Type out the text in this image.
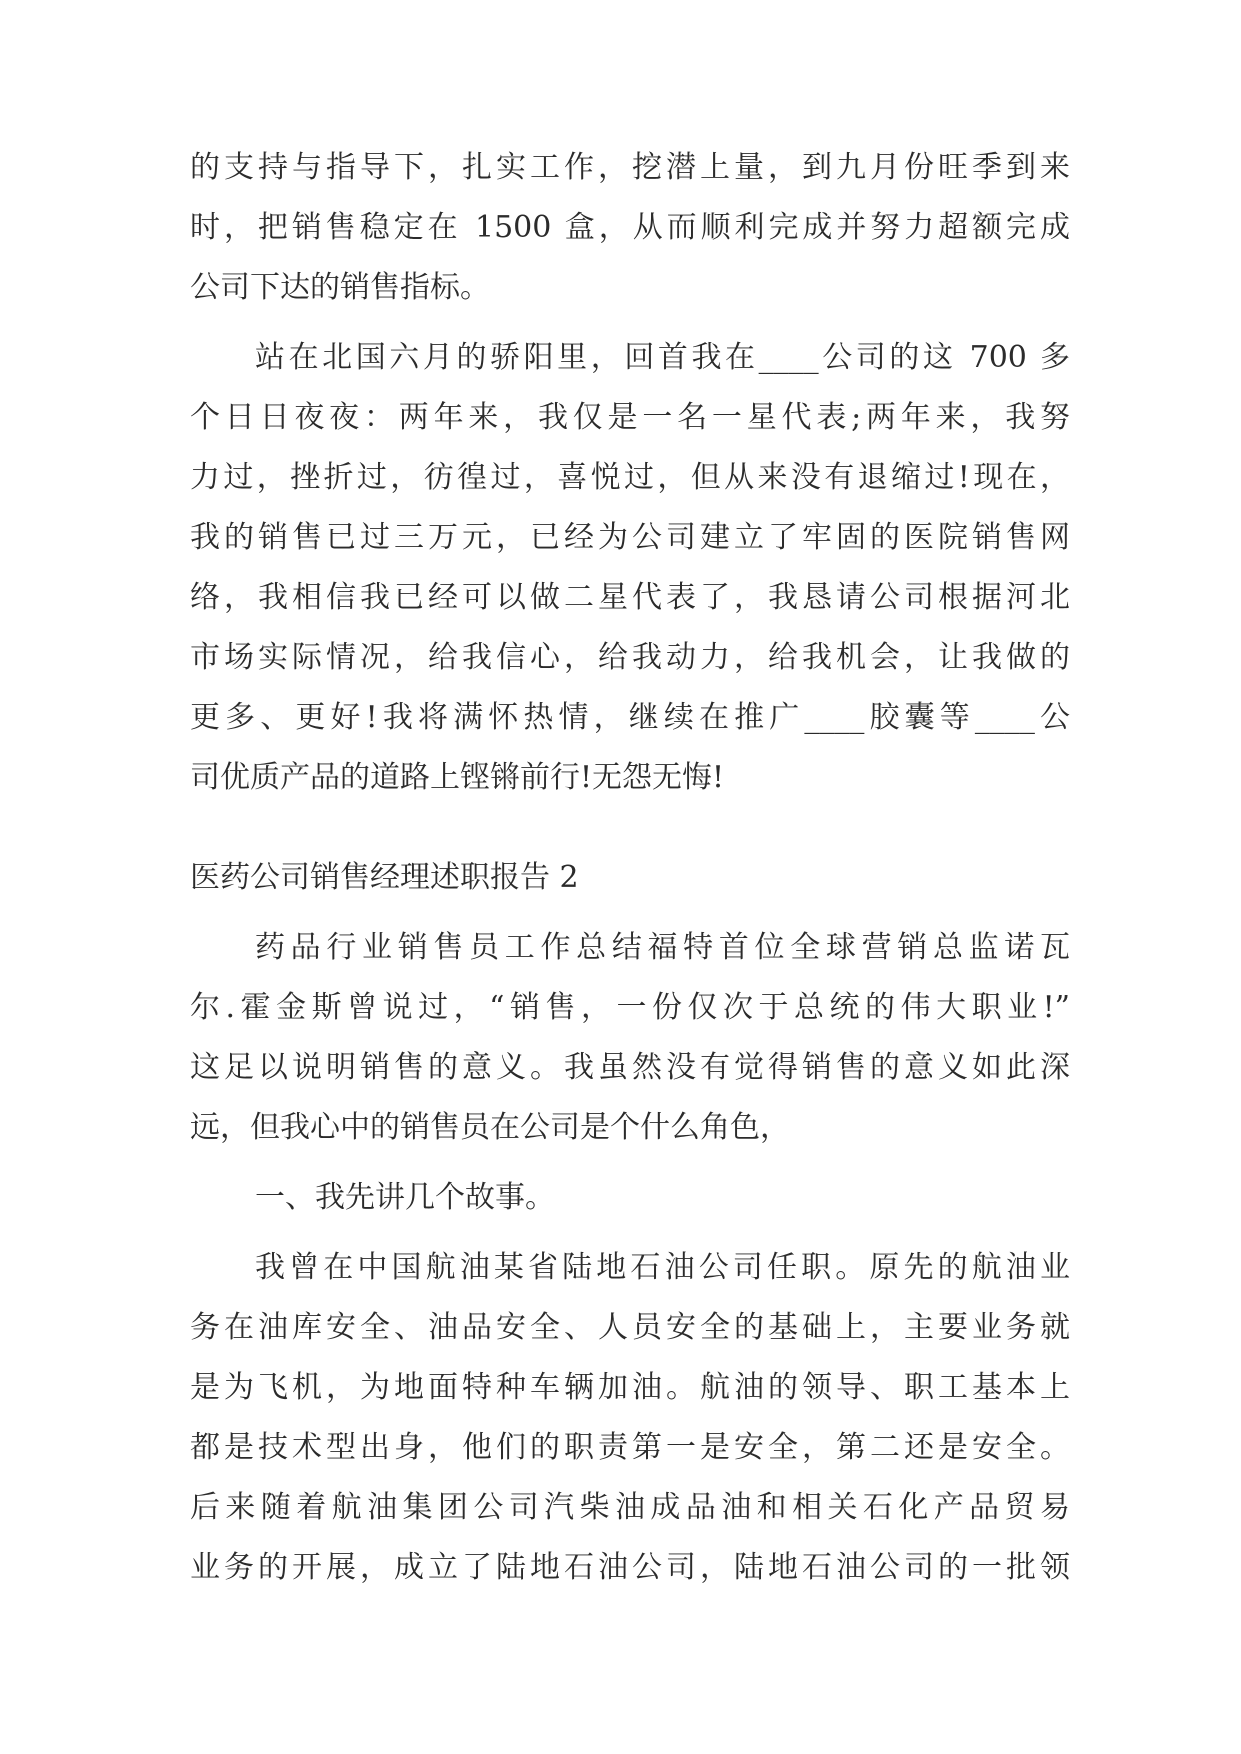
的支持与指导下，扎实工作，挖潜上量，到九月份旺季到来
时，把销售稳定在 1500 盒，从而顺利完成并努力超额完成
公司下达的销售指标。
站在北国六月的骄阳里，回首我在____公司的这 700 多
个日日夜夜：两年来，我仅是一名一星代表;两年来，我努
力过，挫折过，彷徨过，喜悦过，但从来没有退缩过!现在，
我的销售已过三万元，已经为公司建立了牢固的医院销售网
络，我相信我已经可以做二星代表了，我恳请公司根据河北
市场实际情况，给我信心，给我动力，给我机会，让我做的
更多、更好!我将满怀热情，继续在推广____胶囊等____公
司优质产品的道路上铿锵前行!无怨无悔!
医药公司销售经理述职报告 2
药品行业销售员工作总结福特首位全球营销总监诺瓦
尔.霍金斯曾说过，“销售，一份仅次于总统的伟大职业!”
这足以说明销售的意义。我虽然没有觉得销售的意义如此深
远，但我心中的销售员在公司是个什么角色，
一、我先讲几个故事。
我曾在中国航油某省陆地石油公司任职。原先的航油业
务在油库安全、油品安全、人员安全的基础上，主要业务就
是为飞机，为地面特种车辆加油。航油的领导、职工基本上
都是技术型出身，他们的职责第一是安全，第二还是安全。
后来随着航油集团公司汽柴油成品油和相关石化产品贸易
业务的开展，成立了陆地石油公司，陆地石油公司的一批领
